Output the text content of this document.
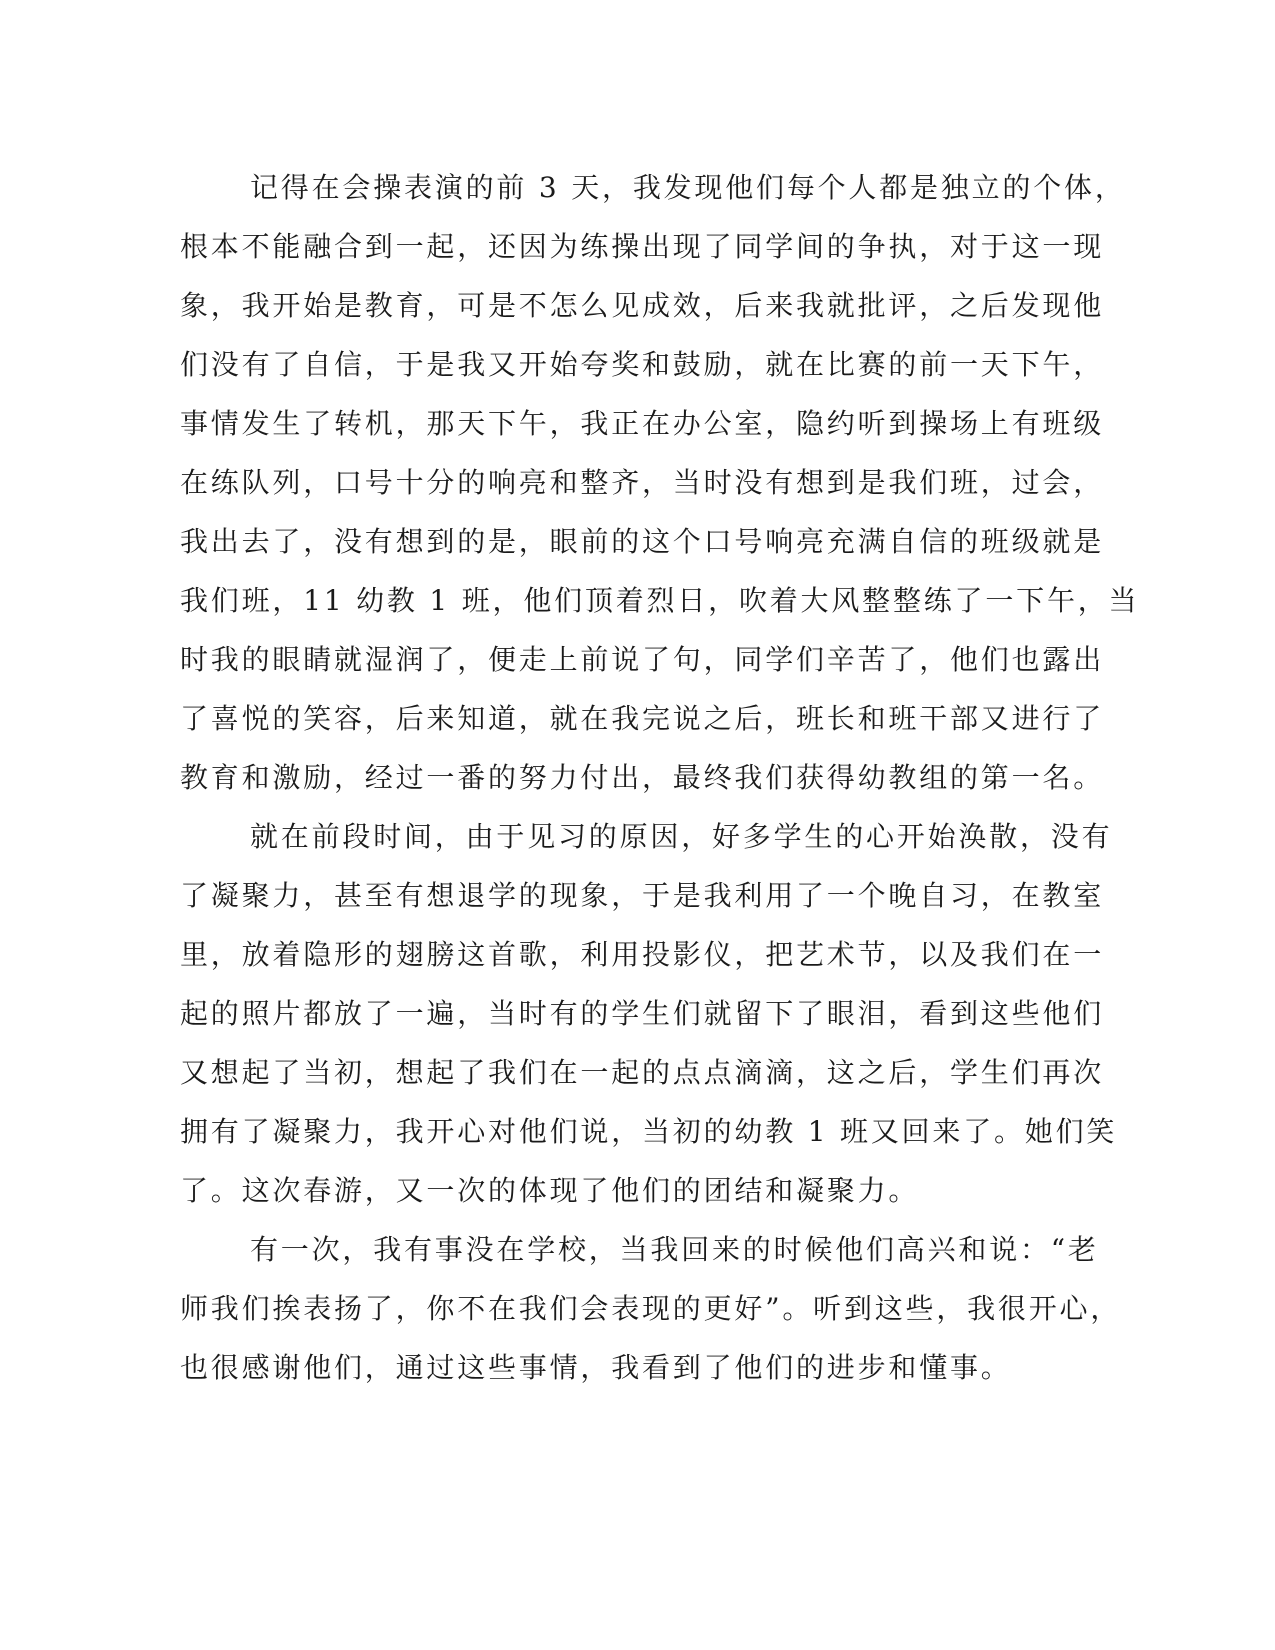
记得在会操表演的前 3 天，我发现他们每个人都是独立的个体，
根本不能融合到一起，还因为练操出现了同学间的争执，对于这一现
象，我开始是教育，可是不怎么见成效，后来我就批评，之后发现他
们没有了自信，于是我又开始夸奖和鼓励，就在比赛的前一天下午，
事情发生了转机，那天下午，我正在办公室，隐约听到操场上有班级
在练队列，口号十分的响亮和整齐，当时没有想到是我们班，过会，
我出去了，没有想到的是，眼前的这个口号响亮充满自信的班级就是
我们班，11 幼教 1 班，他们顶着烈日，吹着大风整整练了一下午，当
时我的眼睛就湿润了，便走上前说了句，同学们辛苦了，他们也露出
了喜悦的笑容，后来知道，就在我完说之后，班长和班干部又进行了
教育和激励，经过一番的努力付出，最终我们获得幼教组的第一名。
就在前段时间，由于见习的原因，好多学生的心开始涣散，没有
了凝聚力，甚至有想退学的现象，于是我利用了一个晚自习，在教室
里，放着隐形的翅膀这首歌，利用投影仪，把艺术节，以及我们在一
起的照片都放了一遍，当时有的学生们就留下了眼泪，看到这些他们
又想起了当初，想起了我们在一起的点点滴滴，这之后，学生们再次
拥有了凝聚力，我开心对他们说，当初的幼教 1 班又回来了。她们笑
了。这次春游，又一次的体现了他们的团结和凝聚力。
有一次，我有事没在学校，当我回来的时候他们高兴和说：“老
师我们挨表扬了，你不在我们会表现的更好”。听到这些，我很开心，
也很感谢他们，通过这些事情，我看到了他们的进步和懂事。
